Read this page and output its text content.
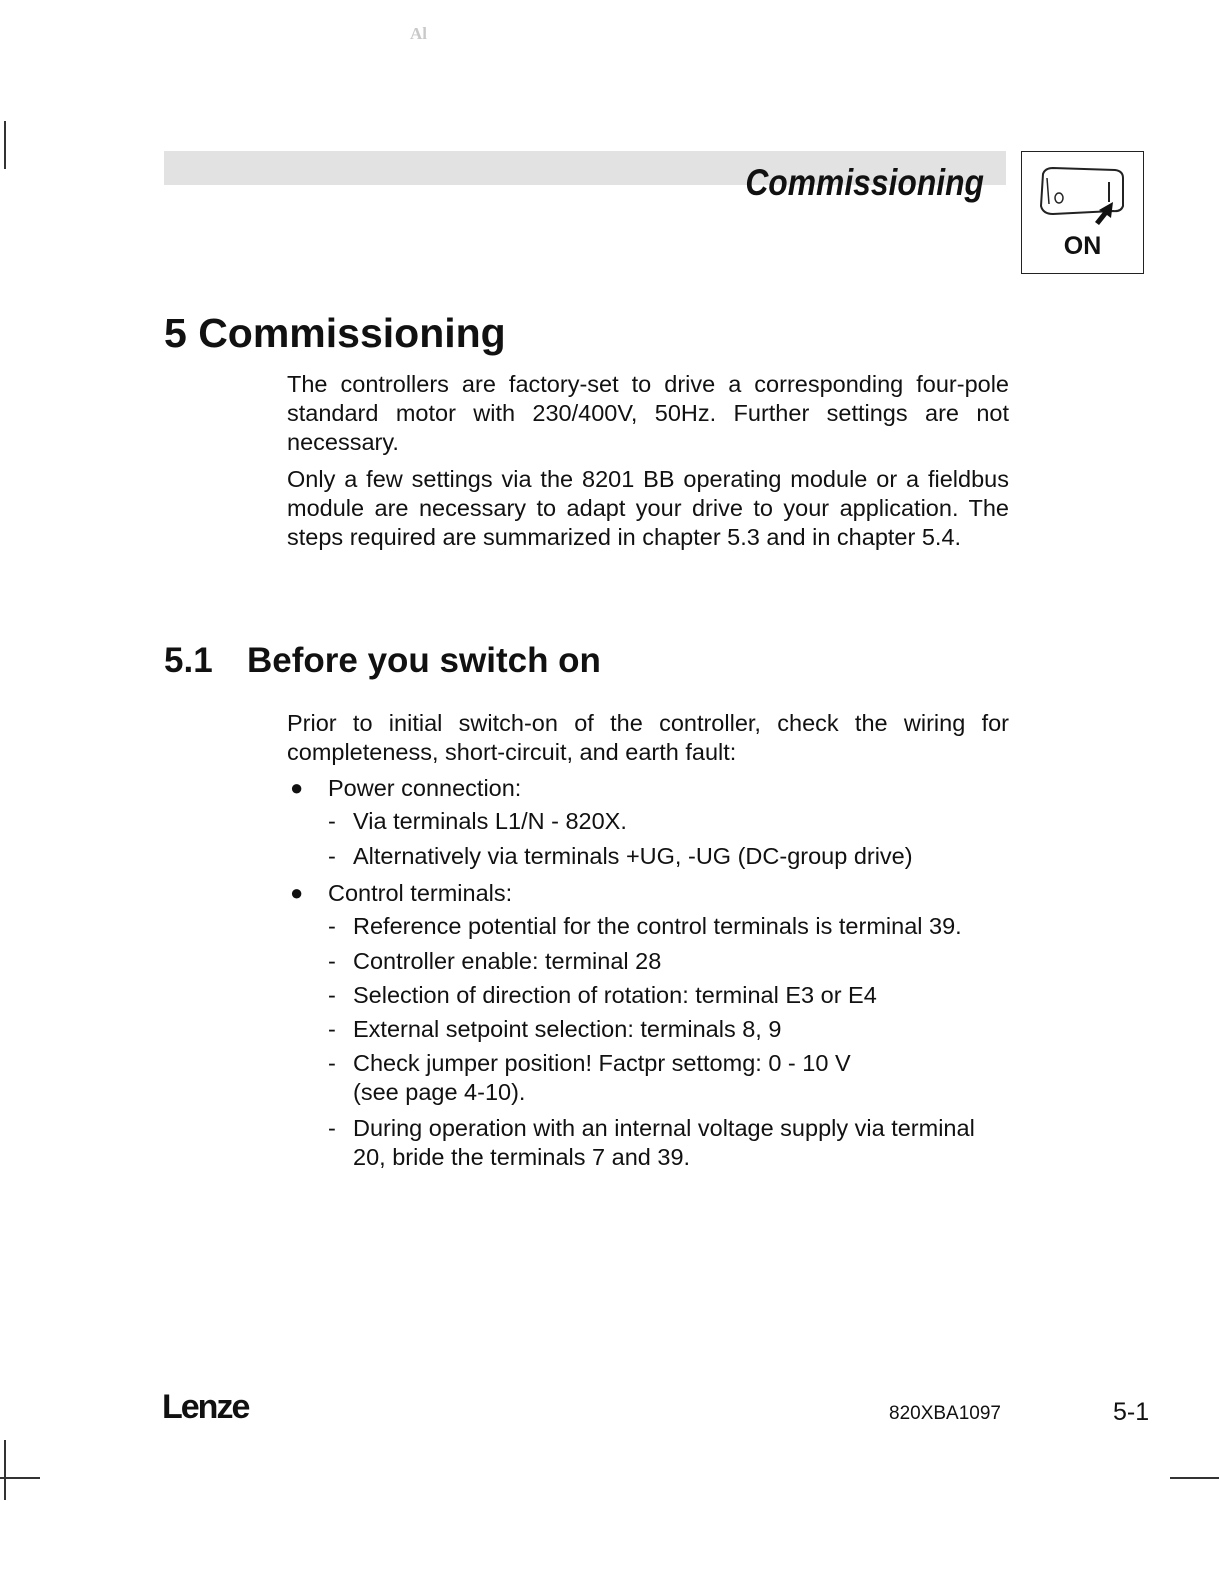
Al
Commissioning
ON
5 Commissioning

The controllers are factory-set to drive a corresponding four-pole standard motor with 230/400V, 50Hz. Further settings are not necessary.

Only a few settings via the 8201 BB operating module or a fieldbus module are necessary to adapt your drive to your application. The steps required are summarized in chapter 5.3 and in chapter 5.4.

5.1 Before you switch on

Prior to initial switch-on of the controller, check the wiring for completeness, short-circuit, and earth fault:

● Power connection:
- Via terminals L1/N - 820X.
- Alternatively via terminals +UG, -UG (DC-group drive)
● Control terminals:
- Reference potential for the control terminals is terminal 39.
- Controller enable: terminal 28
- Selection of direction of rotation: terminal E3 or E4
- External setpoint selection: terminals 8, 9
- Check jumper position! Factpr settomg: 0 - 10 V
(see page 4-10).
- During operation with an internal voltage supply via terminal 20, bride the terminals 7 and 39.
Lenze	820XBA1097	5-1
